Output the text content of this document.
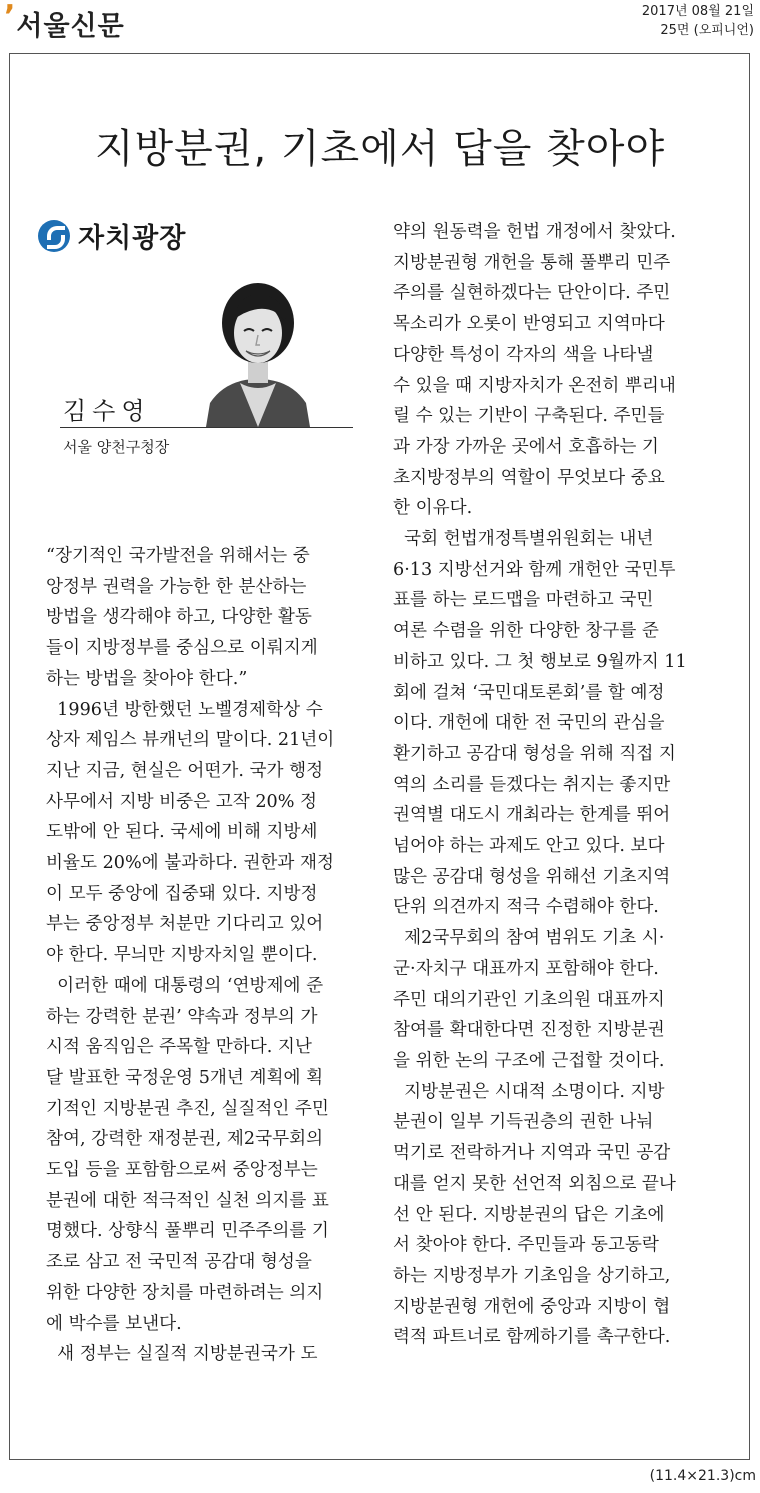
’ 서울신문	2017년 08월 21일
25면 (오피니언)
지방분권, 기초에서 답을 찾아야
자치광장
김수영
서울 양천구청장
“장기적인 국가발전을 위해서는 중
앙정부 권력을 가능한 한 분산하는
방법을 생각해야 하고, 다양한 활동
들이 지방정부를 중심으로 이뤄지게
하는 방법을 찾아야 한다.”
1996년 방한했던 노벨경제학상 수
상자 제임스 뷰캐넌의 말이다. 21년이
지난 지금, 현실은 어떤가. 국가 행정
사무에서 지방 비중은 고작 20% 정
도밖에 안 된다. 국세에 비해 지방세
비율도 20%에 불과하다. 권한과 재정
이 모두 중앙에 집중돼 있다. 지방정
부는 중앙정부 처분만 기다리고 있어
야 한다. 무늬만 지방자치일 뿐이다.
이러한 때에 대통령의 ‘연방제에 준
하는 강력한 분권’ 약속과 정부의 가
시적 움직임은 주목할 만하다. 지난
달 발표한 국정운영 5개년 계획에 획
기적인 지방분권 추진, 실질적인 주민
참여, 강력한 재정분권, 제2국무회의
도입 등을 포함함으로써 중앙정부는
분권에 대한 적극적인 실천 의지를 표
명했다. 상향식 풀뿌리 민주주의를 기
조로 삼고 전 국민적 공감대 형성을
위한 다양한 장치를 마련하려는 의지
에 박수를 보낸다.
새 정부는 실질적 지방분권국가 도
약의 원동력을 헌법 개정에서 찾았다.
지방분권형 개헌을 통해 풀뿌리 민주
주의를 실현하겠다는 단안이다. 주민
목소리가 오롯이 반영되고 지역마다
다양한 특성이 각자의 색을 나타낼
수 있을 때 지방자치가 온전히 뿌리내
릴 수 있는 기반이 구축된다. 주민들
과 가장 가까운 곳에서 호흡하는 기
초지방정부의 역할이 무엇보다 중요
한 이유다.
국회 헌법개정특별위원회는 내년
6·13 지방선거와 함께 개헌안 국민투
표를 하는 로드맵을 마련하고 국민
여론 수렴을 위한 다양한 창구를 준
비하고 있다. 그 첫 행보로 9월까지 11
회에 걸쳐 ‘국민대토론회’를 할 예정
이다. 개헌에 대한 전 국민의 관심을
환기하고 공감대 형성을 위해 직접 지
역의 소리를 듣겠다는 취지는 좋지만
권역별 대도시 개최라는 한계를 뛰어
넘어야 하는 과제도 안고 있다. 보다
많은 공감대 형성을 위해선 기초지역
단위 의견까지 적극 수렴해야 한다.
제2국무회의 참여 범위도 기초 시·
군·자치구 대표까지 포함해야 한다.
주민 대의기관인 기초의원 대표까지
참여를 확대한다면 진정한 지방분권
을 위한 논의 구조에 근접할 것이다.
지방분권은 시대적 소명이다. 지방
분권이 일부 기득권층의 권한 나눠
먹기로 전락하거나 지역과 국민 공감
대를 얻지 못한 선언적 외침으로 끝나
선 안 된다. 지방분권의 답은 기초에
서 찾아야 한다. 주민들과 동고동락
하는 지방정부가 기초임을 상기하고,
지방분권형 개헌에 중앙과 지방이 협
력적 파트너로 함께하기를 촉구한다.
(11.4×21.3)cm
